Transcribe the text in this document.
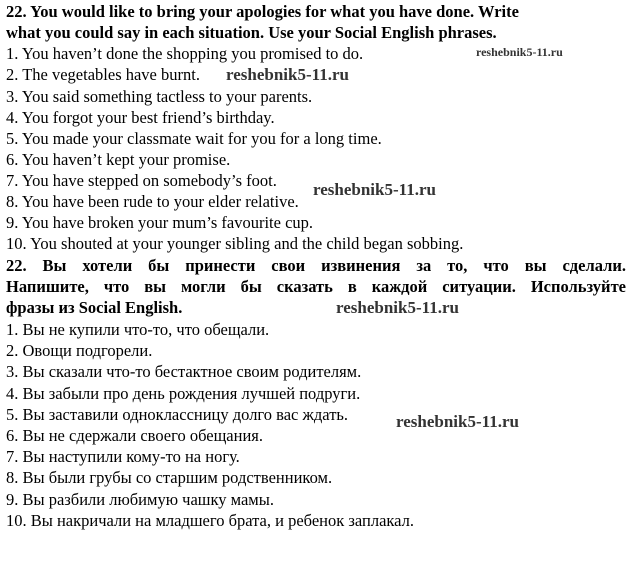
22. You would like to bring your apologies for what you have done. Write
what you could say in each situation. Use your Social English phrases.
1. You haven’t done the shopping you promised to do.
2. The vegetables have burnt.
3. You said something tactless to your parents.
4. You forgot your best friend’s birthday.
5. You made your classmate wait for you for a long time.
6. You haven’t kept your promise.
7. You have stepped on somebody’s foot.
8. You have been rude to your elder relative.
9. You have broken your mum’s favourite cup.
10. You shouted at your younger sibling and the child began sobbing.
22. Вы хотели бы принести свои извинения за то, что вы сделали.
Напишите, что вы могли бы сказать в каждой ситуации. Используйте
фразы из Social English.
1. Вы не купили что-то, что обещали.
2. Овощи подгорели.
3. Вы сказали что-то бестактное своим родителям.
4. Вы забыли про день рождения лучшей подруги.
5. Вы заставили одноклассницу долго вас ждать.
6. Вы не сдержали своего обещания.
7. Вы наступили кому-то на ногу.
8. Вы были грубы со старшим родственником.
9. Вы разбили любимую чашку мамы.
10. Вы накричали на младшего брата, и ребенок заплакал.
reshebnik5-11.ru
reshebnik5-11.ru
reshebnik5-11.ru
reshebnik5-11.ru
reshebnik5-11.ru
